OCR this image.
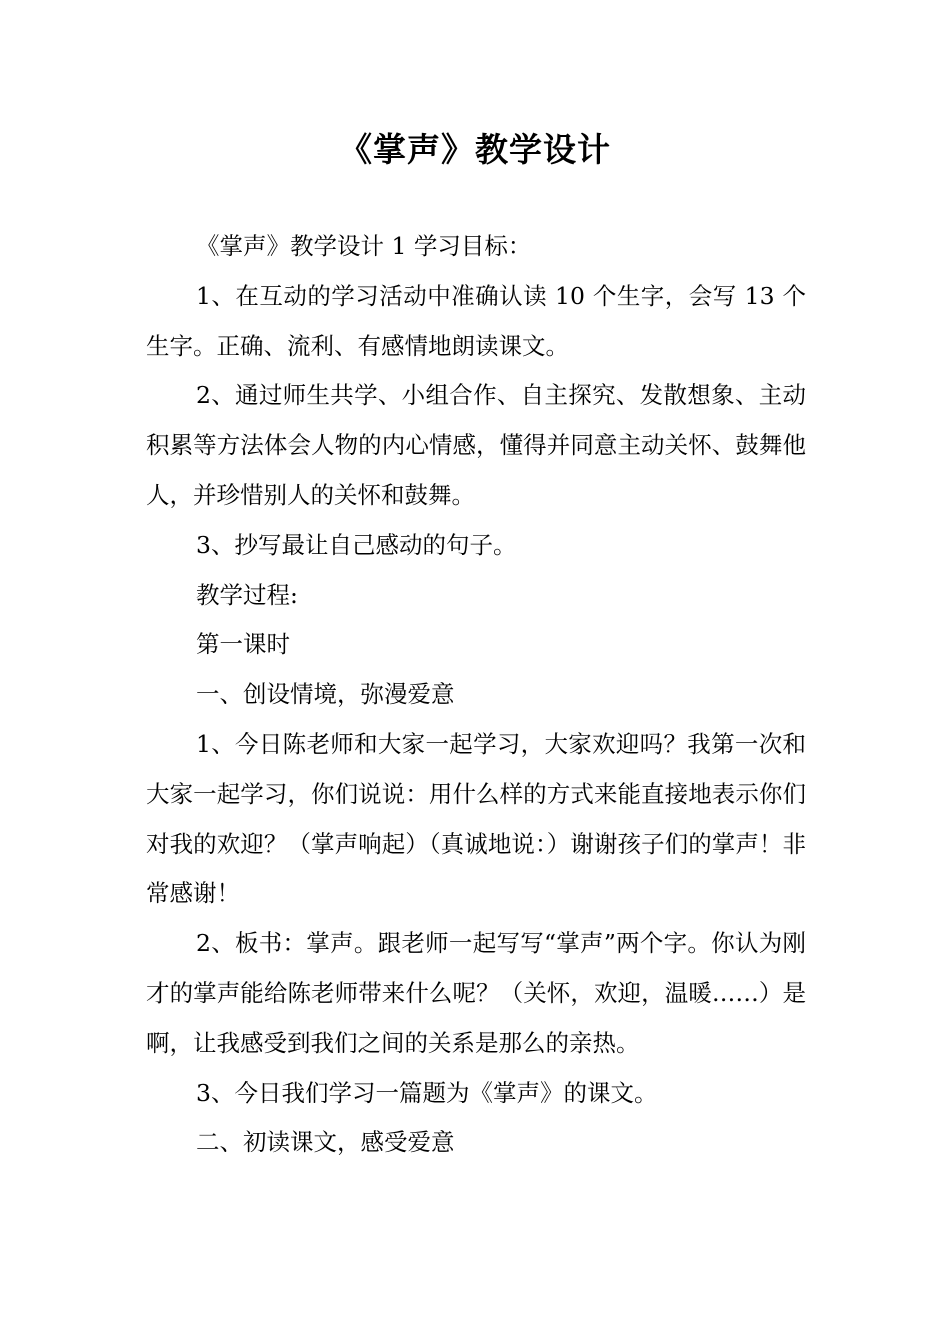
《掌声》教学设计

《掌声》教学设计 1 学习目标：

1、在互动的学习活动中准确认读 10 个生字，会写 13 个生字。正确、流利、有感情地朗读课文。

2、通过师生共学、小组合作、自主探究、发散想象、主动积累等方法体会人物的内心情感，懂得并同意主动关怀、鼓舞他人，并珍惜别人的关怀和鼓舞。

3、抄写最让自己感动的句子。

教学过程:

第一课时

一、创设情境，弥漫爱意

1、今日陈老师和大家一起学习，大家欢迎吗？我第一次和大家一起学习，你们说说：用什么样的方式来能直接地表示你们对我的欢迎？（掌声响起）（真诚地说：）谢谢孩子们的掌声！非常感谢！

2、板书：掌声。跟老师一起写写“掌声”两个字。你认为刚才的掌声能给陈老师带来什么呢？（关怀，欢迎，温暖……）是啊，让我感受到我们之间的关系是那么的亲热。

3、今日我们学习一篇题为《掌声》的课文。

二、初读课文，感受爱意
